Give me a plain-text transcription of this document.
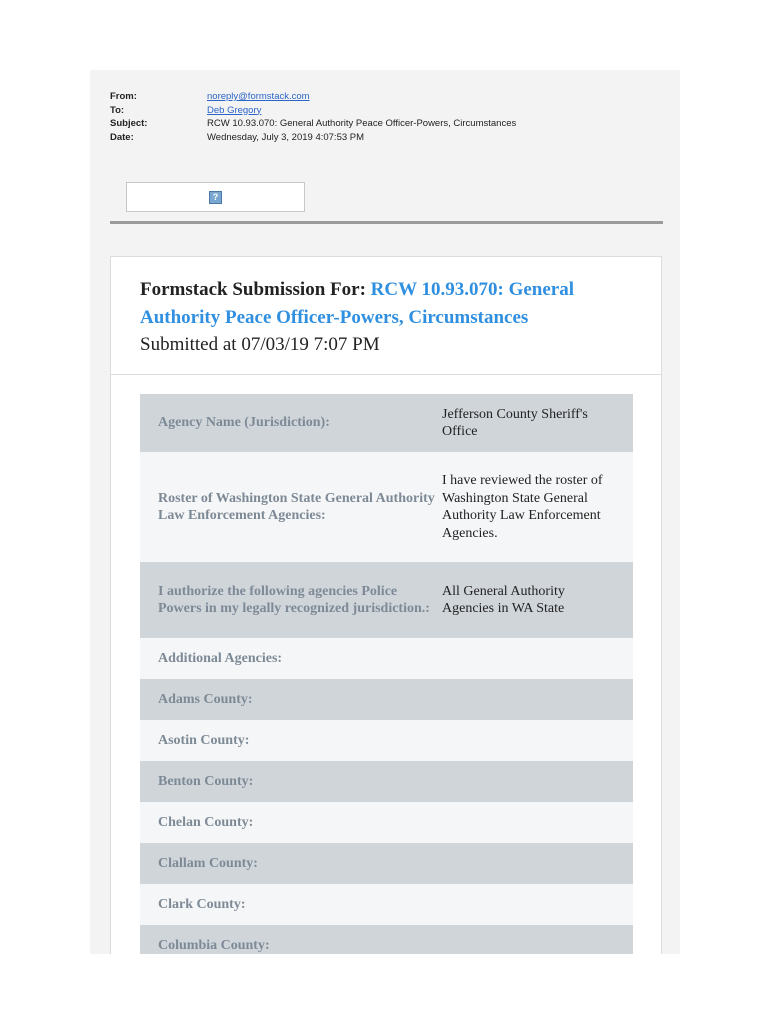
From:	noreply@formstack.com
To:	Deb Gregory
Subject:	RCW 10.93.070: General Authority Peace Officer-Powers, Circumstances
Date:	Wednesday, July 3, 2019 4:07:53 PM
?
Formstack Submission For: RCW 10.93.070: General Authority Peace Officer-Powers, Circumstances
Submitted at 07/03/19 7:07 PM
Agency Name (Jurisdiction):
Jefferson County Sheriff's Office
Roster of Washington State General Authority Law Enforcement Agencies:
I have reviewed the roster of Washington State General Authority Law Enforcement Agencies.
I authorize the following agencies Police Powers in my legally recognized jurisdiction.:
All General Authority Agencies in WA State
Additional Agencies:
Adams County:
Asotin County:
Benton County:
Chelan County:
Clallam County:
Clark County:
Columbia County:
